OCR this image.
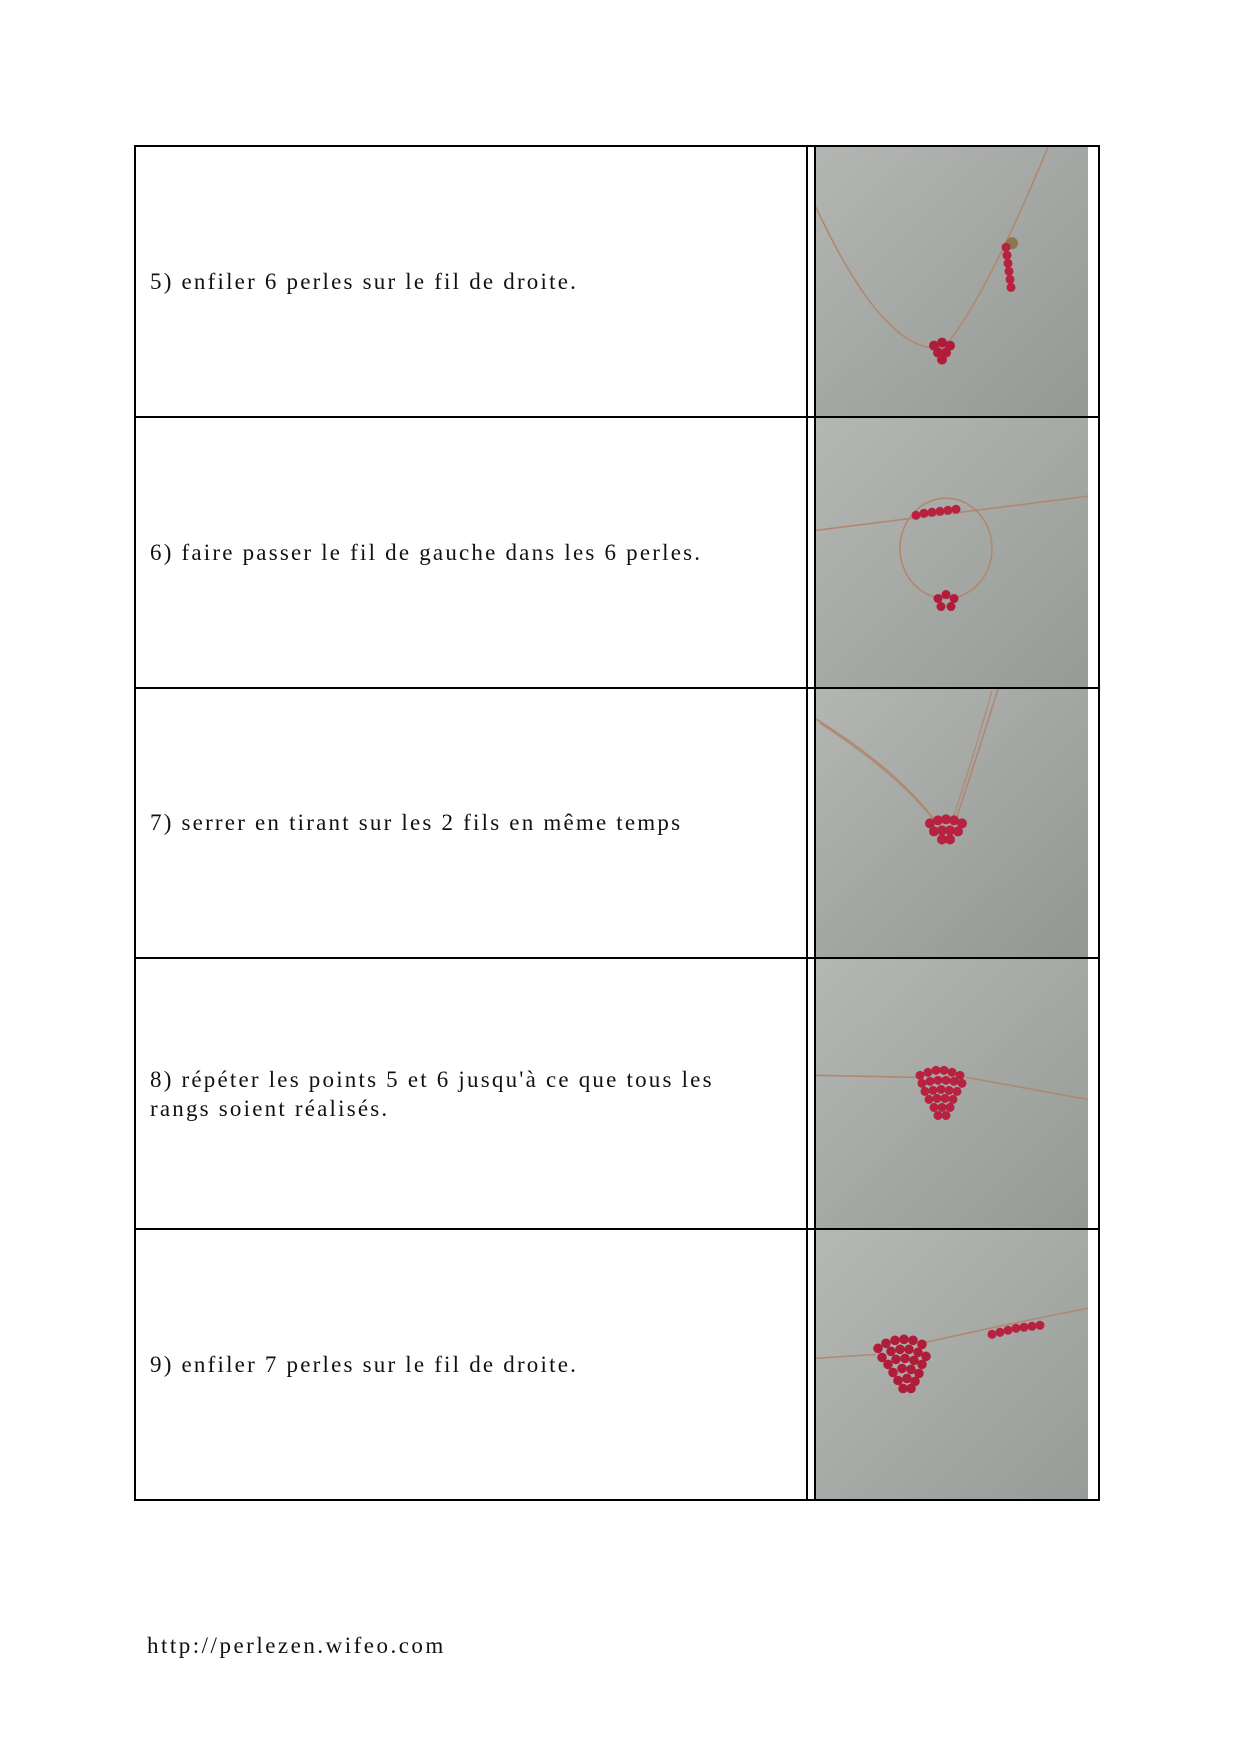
5) enfiler 6 perles sur le fil de droite.

6) faire passer le fil de gauche dans les 6 perles.

7) serrer en tirant sur les 2 fils en même temps

8) répéter les points 5 et 6 jusqu'à ce que tous les rangs soient réalisés.

9) enfiler 7 perles sur le fil de droite.

http://perlezen.wifeo.com
